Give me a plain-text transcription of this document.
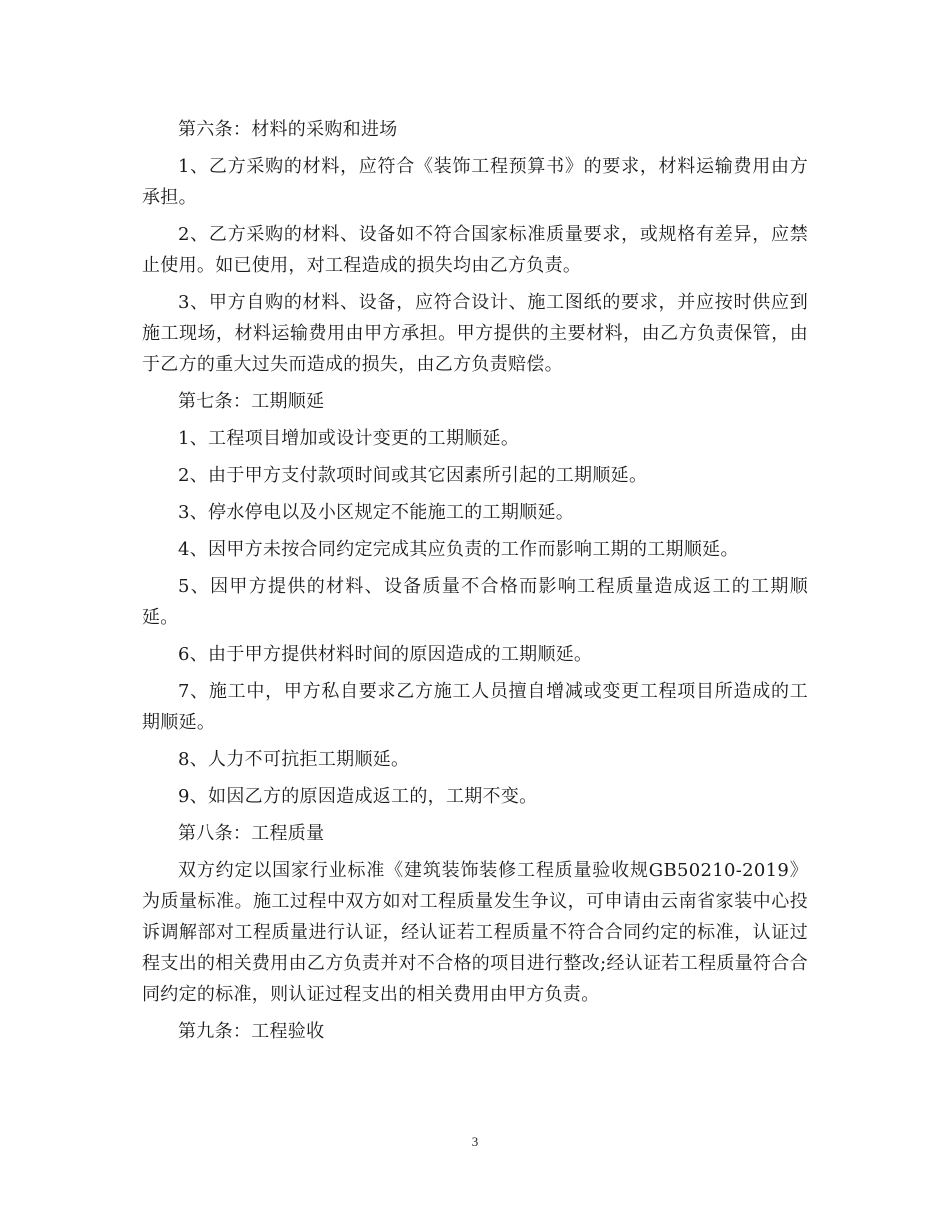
第六条：材料的采购和进场

1、乙方采购的材料，应符合《装饰工程预算书》的要求，材料运输费用由方承担。

2、乙方采购的材料、设备如不符合国家标准质量要求，或规格有差异，应禁止使用。如已使用，对工程造成的损失均由乙方负责。

3、甲方自购的材料、设备，应符合设计、施工图纸的要求，并应按时供应到施工现场，材料运输费用由甲方承担。甲方提供的主要材料，由乙方负责保管，由于乙方的重大过失而造成的损失，由乙方负责赔偿。

第七条：工期顺延

1、工程项目增加或设计变更的工期顺延。

2、由于甲方支付款项时间或其它因素所引起的工期顺延。

3、停水停电以及小区规定不能施工的工期顺延。

4、因甲方未按合同约定完成其应负责的工作而影响工期的工期顺延。

5、因甲方提供的材料、设备质量不合格而影响工程质量造成返工的工期顺延。

6、由于甲方提供材料时间的原因造成的工期顺延。

7、施工中，甲方私自要求乙方施工人员擅自增减或变更工程项目所造成的工期顺延。

8、人力不可抗拒工期顺延。

9、如因乙方的原因造成返工的，工期不变。

第八条：工程质量

双方约定以国家行业标准《建筑装饰装修工程质量验收规GB50210-2019》为质量标准。施工过程中双方如对工程质量发生争议，可申请由云南省家装中心投诉调解部对工程质量进行认证，经认证若工程质量不符合合同约定的标准，认证过程支出的相关费用由乙方负责并对不合格的项目进行整改;经认证若工程质量符合合同约定的标准，则认证过程支出的相关费用由甲方负责。

第九条：工程验收

3
